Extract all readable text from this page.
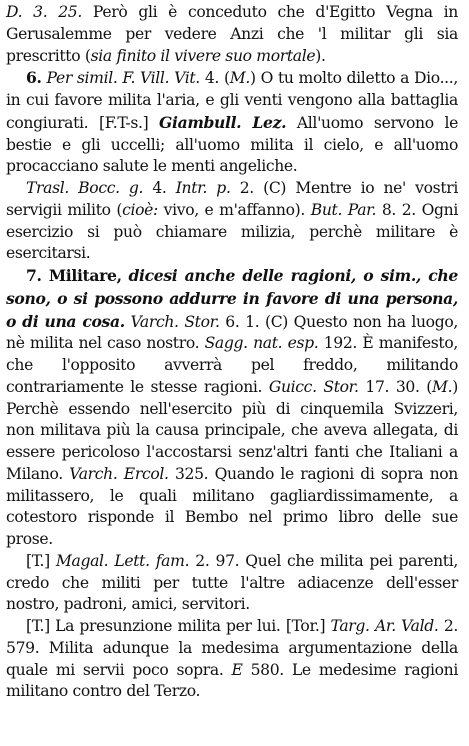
D. 3. 25. Però gli è conceduto che d'Egitto Vegna in Gerusalemme per vedere Anzi che 'l militar gli sia prescritto (sia finito il vivere suo mortale).

6. Per simil. F. Vill. Vit. 4. (M.) O tu molto diletto a Dio..., in cui favore milita l'aria, e gli venti vengono alla battaglia congiurati. [F.T-s.] Giambull. Lez. All'uomo servono le bestie e gli uccelli; all'uomo milita il cielo, e all'uomo procacciano salute le menti angeliche.

Trasl. Bocc. g. 4. Intr. p. 2. (C) Mentre io ne' vostri servigii milito (cioè: vivo, e m'affanno). But. Par. 8. 2. Ogni esercizio si può chiamare milizia, perchè militare è esercitarsi.

7. Militare, dicesi anche delle ragioni, o sim., che sono, o si possono addurre in favore di una persona, o di una cosa. Varch. Stor. 6. 1. (C) Questo non ha luogo, nè milita nel caso nostro. Sagg. nat. esp. 192. È manifesto, che l'opposito avverrà pel freddo, militando contrariamente le stesse ragioni. Guicc. Stor. 17. 30. (M.) Perchè essendo nell'esercito più di cinquemila Svizzeri, non militava più la causa principale, che aveva allegata, di essere pericoloso l'accostarsi senz'altri fanti che Italiani a Milano. Varch. Ercol. 325. Quando le ragioni di sopra non militassero, le quali militano gagliardissimamente, a cotestoro risponde il Bembo nel primo libro delle sue prose.

[T.] Magal. Lett. fam. 2. 97. Quel che milita pei parenti, credo che militi per tutte l'altre adiacenze dell'esser nostro, padroni, amici, servitori.

[T.] La presunzione milita per lui. [Tor.] Targ. Ar. Vald. 2. 579. Milita adunque la medesima argumentazione della quale mi servii poco sopra. E 580. Le medesime ragioni militano contro del Terzo.
